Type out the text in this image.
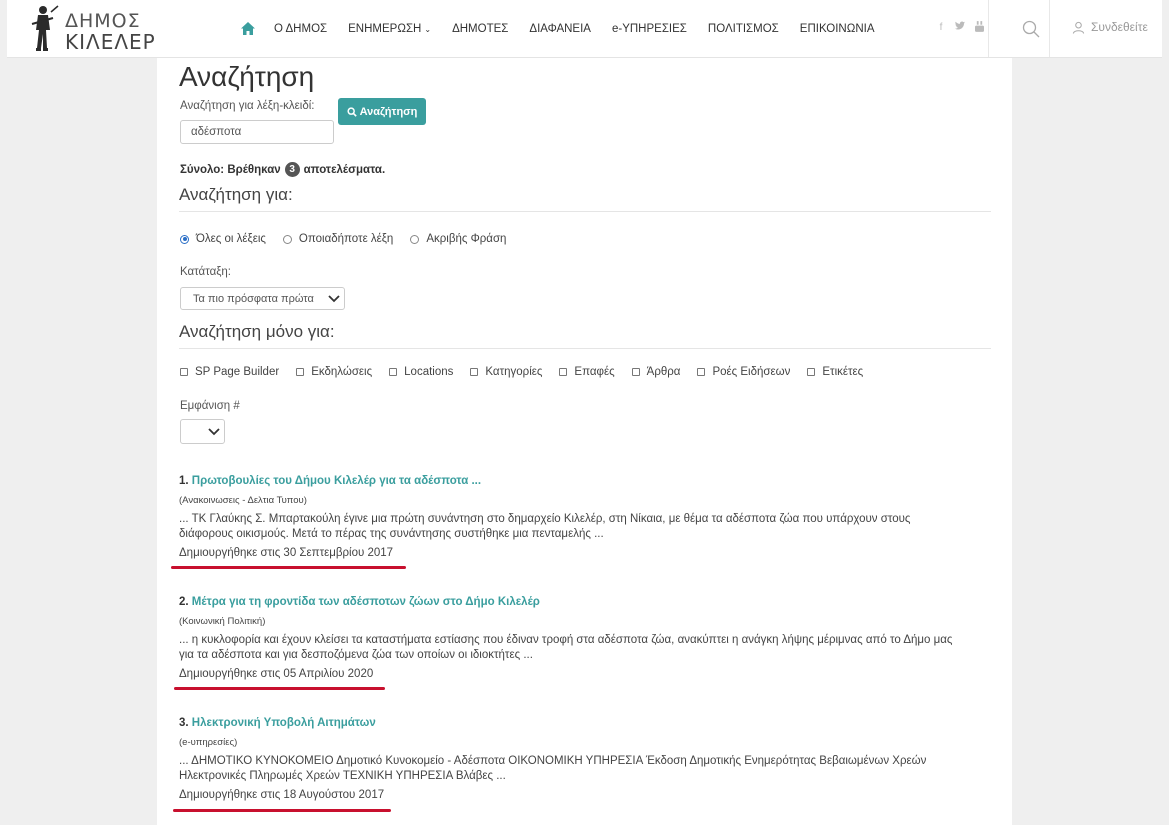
ΔΗΜΟΣ
ΚΙΛΕΛΕΡ
Ο ΔΗΜΟΣ ΕΝΗΜΕΡΩΣΗ ⌄ ΔΗΜΟΤΕΣ ΔΙΑΦΑΝΕΙΑ e-ΥΠΗΡΕΣΙΕΣ ΠΟΛΙΤΙΣΜΟΣ ΕΠΙΚΟΙΝΩΝΙΑ	f	Συνδεθείτε
Αναζήτηση
Αναζήτηση για λέξη-κλειδί:
αδέσποτα	Αναζήτηση
Σύνολο: Βρέθηκαν 3 αποτελέσματα.
Αναζήτηση για:
Όλες οι λέξεις	Οποιαδήποτε λέξη	Ακριβής Φράση
Κατάταξη:
Τα πιο πρόσφατα πρώτα
Αναζήτηση μόνο για:
SP Page Builder	Εκδηλώσεις	Locations	Κατηγορίες	Επαφές	Άρθρα	Ροές Ειδήσεων	Ετικέτες
Εμφάνιση #
1. Πρωτοβουλίες του Δήμου Κιλελέρ για τα αδέσποτα ...
(Ανακοινωσεις - Δελτια Τυπου)
... ΤΚ Γλαύκης Σ. Μπαρτακούλη έγινε μια πρώτη συνάντηση στο δημαρχείο Κιλελέρ, στη Νίκαια, με θέμα τα αδέσποτα ζώα που υπάρχουν στους
διάφορους οικισμούς. Μετά το πέρας της συνάντησης συστήθηκε μια πενταμελής ...
Δημιουργήθηκε στις 30 Σεπτεμβρίου 2017
2. Μέτρα για τη φροντίδα των αδέσποτων ζώων στο Δήμο Κιλελέρ
(Κοινωνική Πολιτική)
... η κυκλοφορία και έχουν κλείσει τα καταστήματα εστίασης που έδιναν τροφή στα αδέσποτα ζώα, ανακύπτει η ανάγκη λήψης μέριμνας από το Δήμο μας
για τα αδέσποτα και για δεσποζόμενα ζώα των οποίων οι ιδιοκτήτες ...
Δημιουργήθηκε στις 05 Απριλίου 2020
3. Ηλεκτρονική Υποβολή Αιτημάτων
(e-υπηρεσίες)
... ΔΗΜΟΤΙΚΟ ΚΥΝΟΚΟΜΕΙΟ Δημοτικό Κυνοκομείο - Αδέσποτα ΟΙΚΟΝΟΜΙΚΗ ΥΠΗΡΕΣΙΑ Έκδοση Δημοτικής Ενημερότητας Βεβαιωμένων Χρεών
Ηλεκτρονικές Πληρωμές Χρεών ΤΕΧΝΙΚΗ ΥΠΗΡΕΣΙΑ Βλάβες ...
Δημιουργήθηκε στις 18 Αυγούστου 2017
